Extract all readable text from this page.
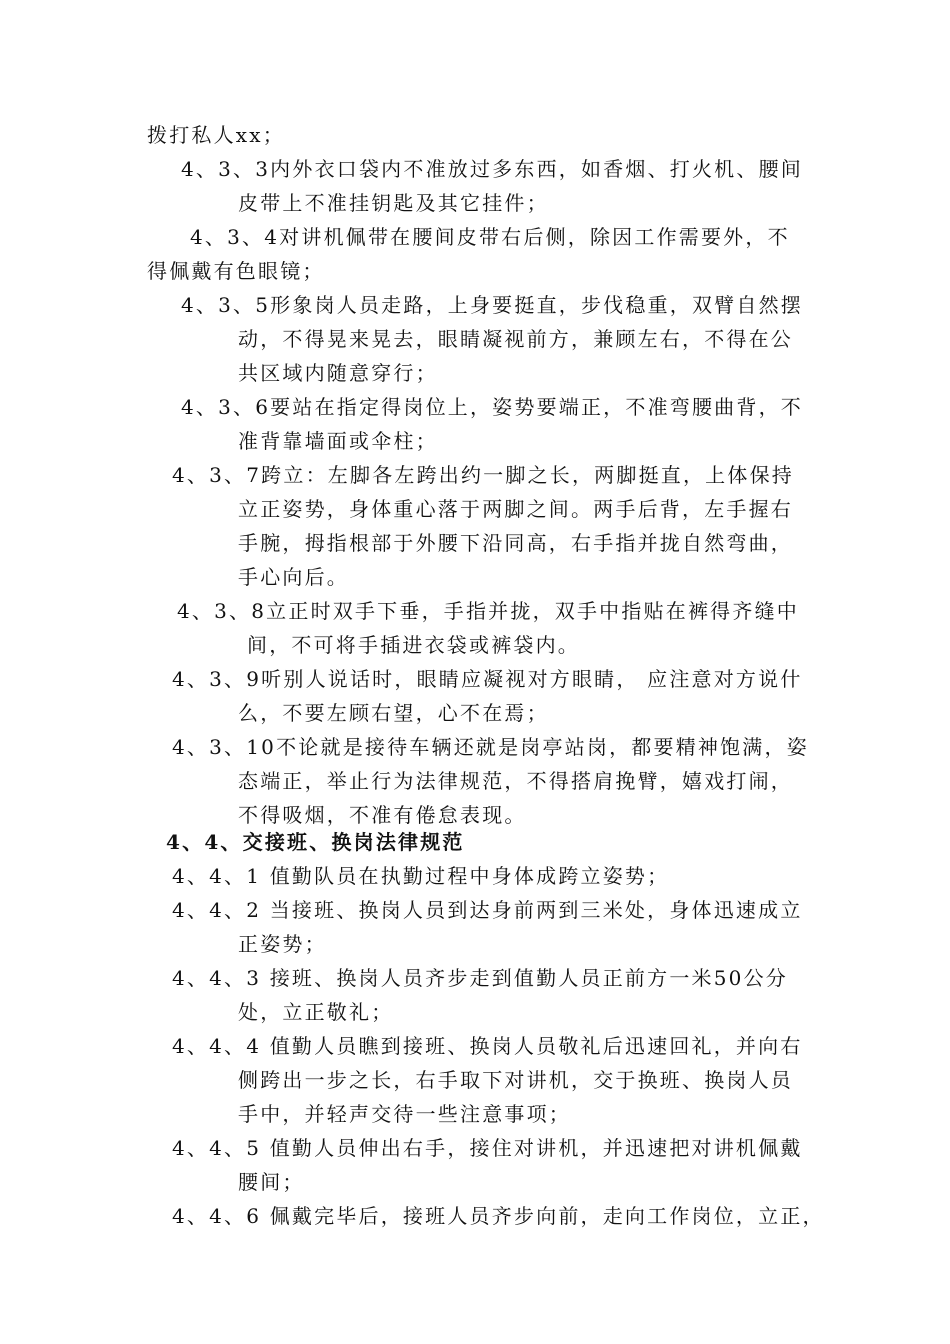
拨打私人xx；
4、3、3内外衣口袋内不准放过多东西，如香烟、打火机、腰间
皮带上不准挂钥匙及其它挂件；
4、3、4对讲机佩带在腰间皮带右后侧，除因工作需要外，不
得佩戴有色眼镜；
4、3、5形象岗人员走路，上身要挺直，步伐稳重，双臂自然摆
动，不得晃来晃去，眼睛凝视前方，兼顾左右，不得在公
共区域内随意穿行；
4、3、6要站在指定得岗位上，姿势要端正，不准弯腰曲背，不
准背靠墙面或伞柱；
4、3、7跨立：左脚各左跨出约一脚之长，两脚挺直，上体保持
立正姿势，身体重心落于两脚之间。两手后背，左手握右
手腕，拇指根部于外腰下沿同高，右手指并拢自然弯曲，
手心向后。
4、3、8立正时双手下垂，手指并拢，双手中指贴在裤得齐缝中
间，不可将手插进衣袋或裤袋内。
4、3、9听别人说话时，眼睛应凝视对方眼睛， 应注意对方说什
么，不要左顾右望，心不在焉；
4、3、10不论就是接待车辆还就是岗亭站岗，都要精神饱满，姿
态端正，举止行为法律规范，不得搭肩挽臂，嬉戏打闹，
不得吸烟，不准有倦怠表现。
4、4、交接班、换岗法律规范
4、4、1 值勤队员在执勤过程中身体成跨立姿势；
4、4、2 当接班、换岗人员到达身前两到三米处，身体迅速成立
正姿势；
4、4、3 接班、换岗人员齐步走到值勤人员正前方一米50公分
处，立正敬礼；
4、4、4 值勤人员瞧到接班、换岗人员敬礼后迅速回礼，并向右
侧跨出一步之长，右手取下对讲机，交于换班、换岗人员
手中，并轻声交待一些注意事项；
4、4、5 值勤人员伸出右手，接住对讲机，并迅速把对讲机佩戴
腰间；
4、4、6 佩戴完毕后，接班人员齐步向前，走向工作岗位，立正，
